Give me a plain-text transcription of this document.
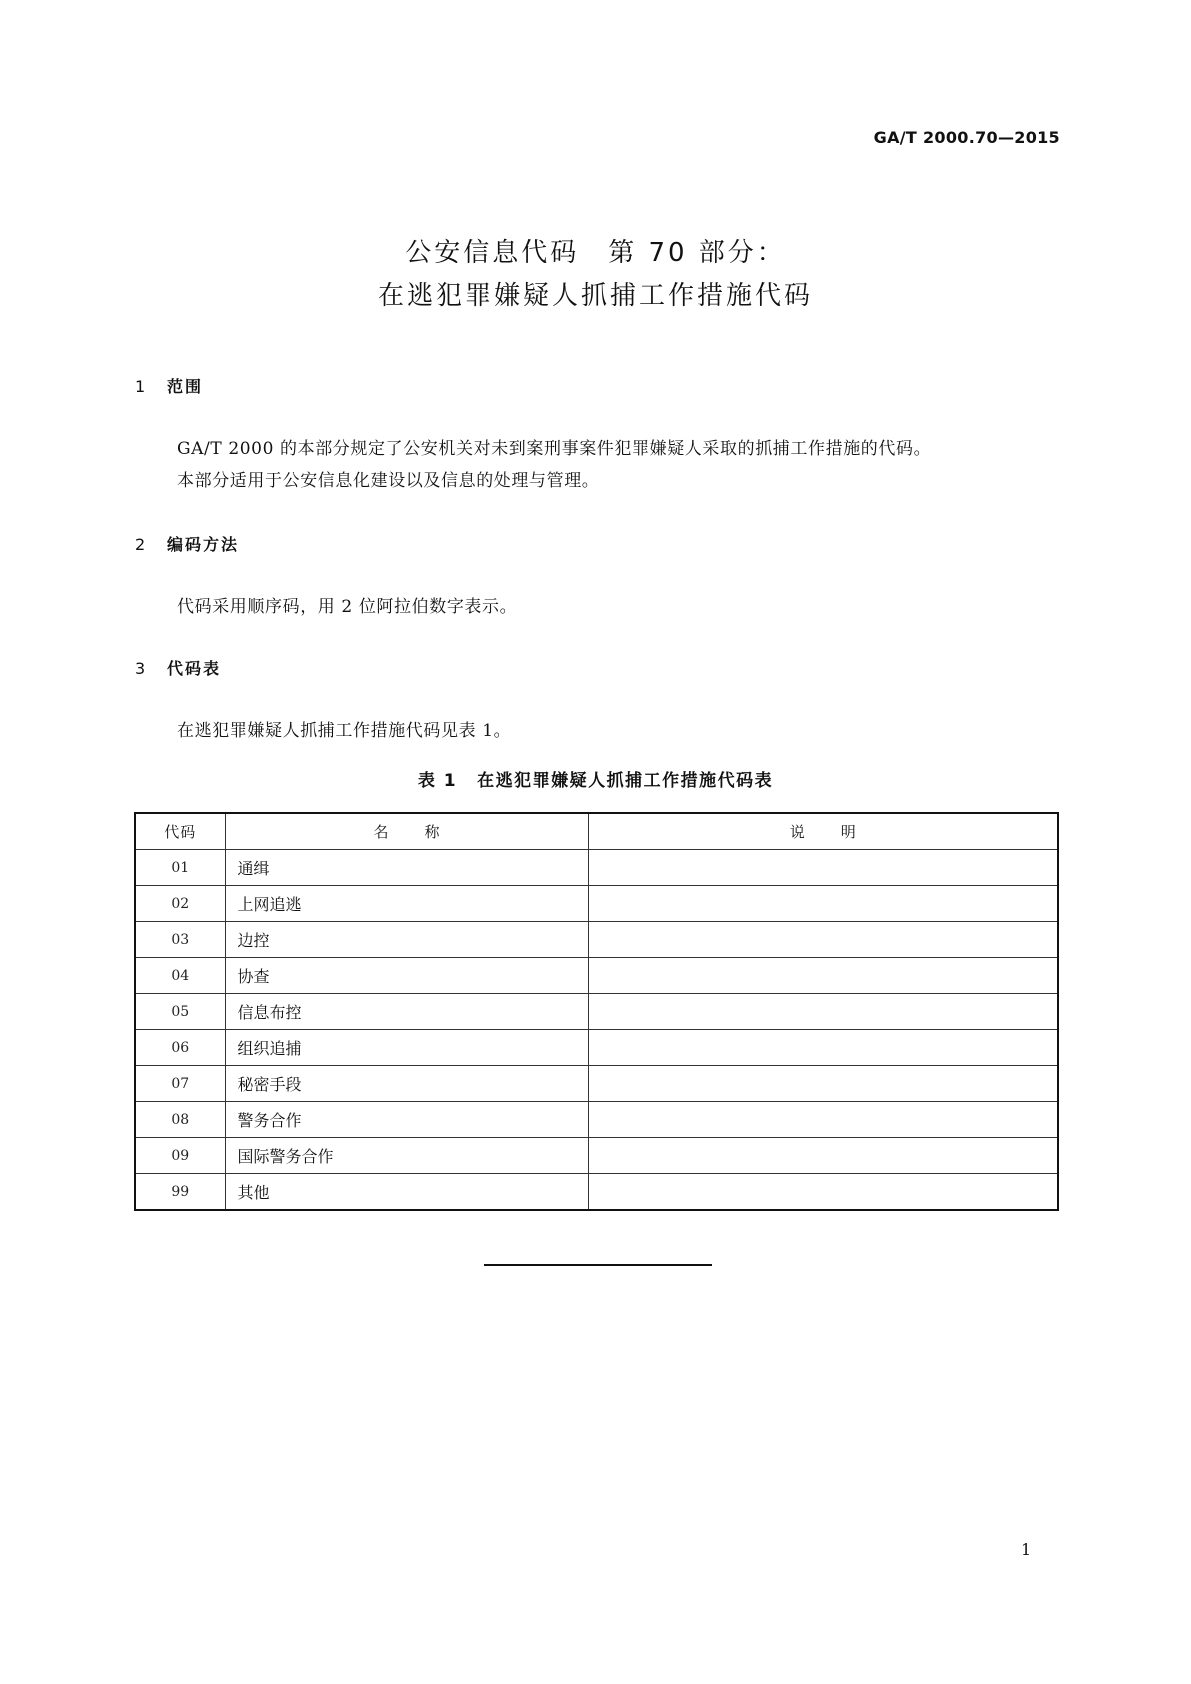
GA/T 2000.70—2015
公安信息代码　第 70 部分：
在逃犯罪嫌疑人抓捕工作措施代码
1 范围
GA/T 2000 的本部分规定了公安机关对未到案刑事案件犯罪嫌疑人采取的抓捕工作措施的代码。
本部分适用于公安信息化建设以及信息的处理与管理。
2 编码方法
代码采用顺序码，用 2 位阿拉伯数字表示。
3 代码表
在逃犯罪嫌疑人抓捕工作措施代码见表 1。
表 1 在逃犯罪嫌疑人抓捕工作措施代码表
代码	名称	说明
01	通缉	
02	上网追逃	
03	边控	
04	协查	
05	信息布控	
06	组织追捕	
07	秘密手段	
08	警务合作	
09	国际警务合作	
99	其他	
1
